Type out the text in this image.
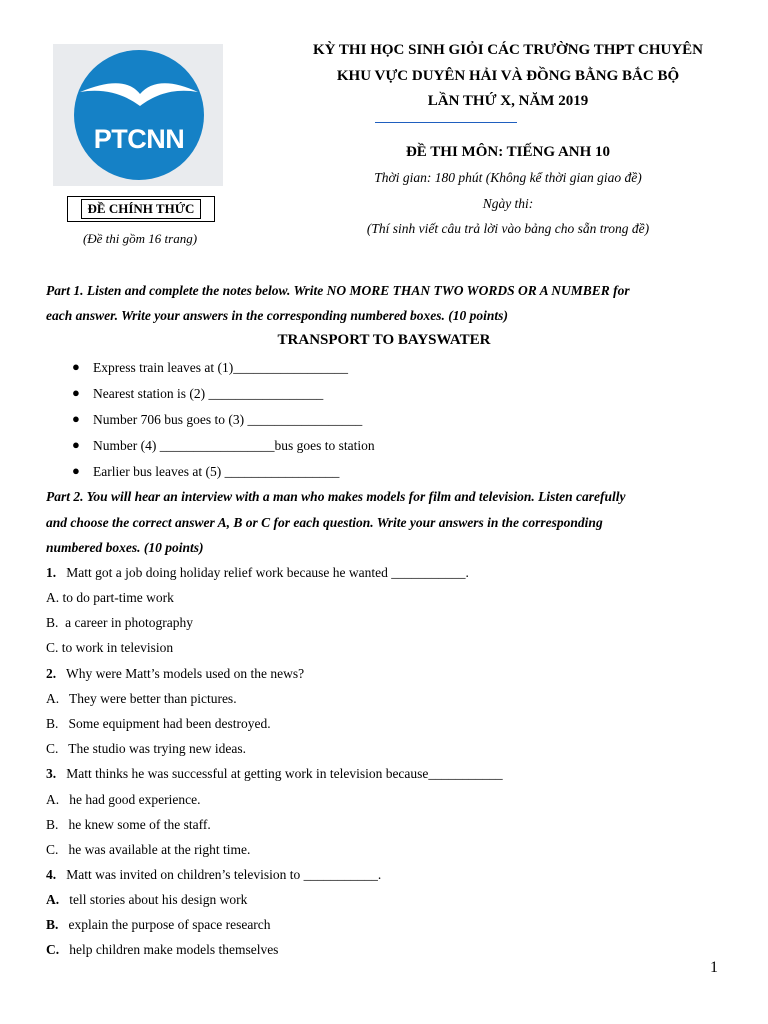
PTCNN
ĐỀ CHÍNH THỨC
(Đề thi gồm 16 trang)
KỲ THI HỌC SINH GIỎI CÁC TRƯỜNG THPT CHUYÊN
KHU VỰC DUYÊN HẢI VÀ ĐỒNG BẰNG BẮC BỘ
LẦN THỨ X, NĂM 2019
ĐỀ THI MÔN: TIẾNG ANH 10
Thời gian: 180 phút (Không kể thời gian giao đề)
Ngày thi:
(Thí sinh viết câu trả lời vào bảng cho sẵn trong đề)
Part 1. Listen and complete the notes below. Write NO MORE THAN TWO WORDS OR A NUMBER for
each answer. Write your answers in the corresponding numbered boxes. (10 points)
TRANSPORT TO BAYSWATER
● Express train leaves at (1)_________________
● Nearest station is (2) _________________
● Number 706 bus goes to (3) _________________
● Number (4) _________________bus goes to station
● Earlier bus leaves at (5) _________________
Part 2. You will hear an interview with a man who makes models for film and television. Listen carefully
and choose the correct answer A, B or C for each question. Write your answers in the corresponding
numbered boxes. (10 points)
1. Matt got a job doing holiday relief work because he wanted ___________.
A. to do part-time work
B. a career in photography
C. to work in television
2. Why were Matt’s models used on the news?
A. They were better than pictures.
B. Some equipment had been destroyed.
C. The studio was trying new ideas.
3. Matt thinks he was successful at getting work in television because___________
A. he had good experience.
B. he knew some of the staff.
C. he was available at the right time.
4. Matt was invited on children’s television to ___________.
A. tell stories about his design work
B. explain the purpose of space research
C. help children make models themselves
1
